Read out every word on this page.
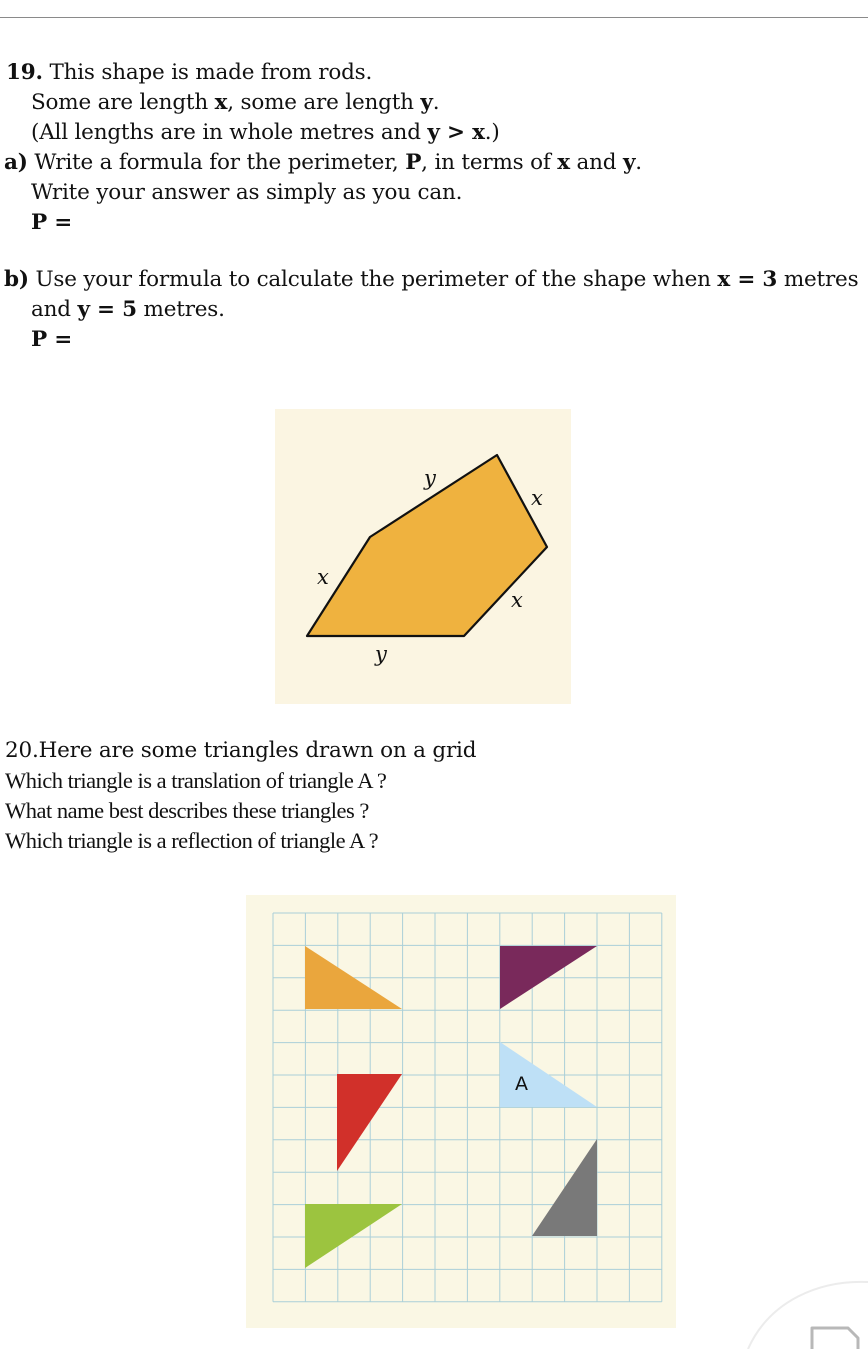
19. This shape is made from rods.
Some are length x, some are length y.
(All lengths are in whole metres and y > x.)
a) Write a formula for the perimeter, P, in terms of x and y.
Write your answer as simply as you can.
P =
b) Use your formula to calculate the perimeter of the shape when x = 3 metres
and y = 5 metres.
P =
y
x
x
x
y
20.Here are some triangles drawn on a grid
Which triangle is a translation of triangle A ?
What name best describes these triangles ?
Which triangle is a reflection of triangle A ?
A
